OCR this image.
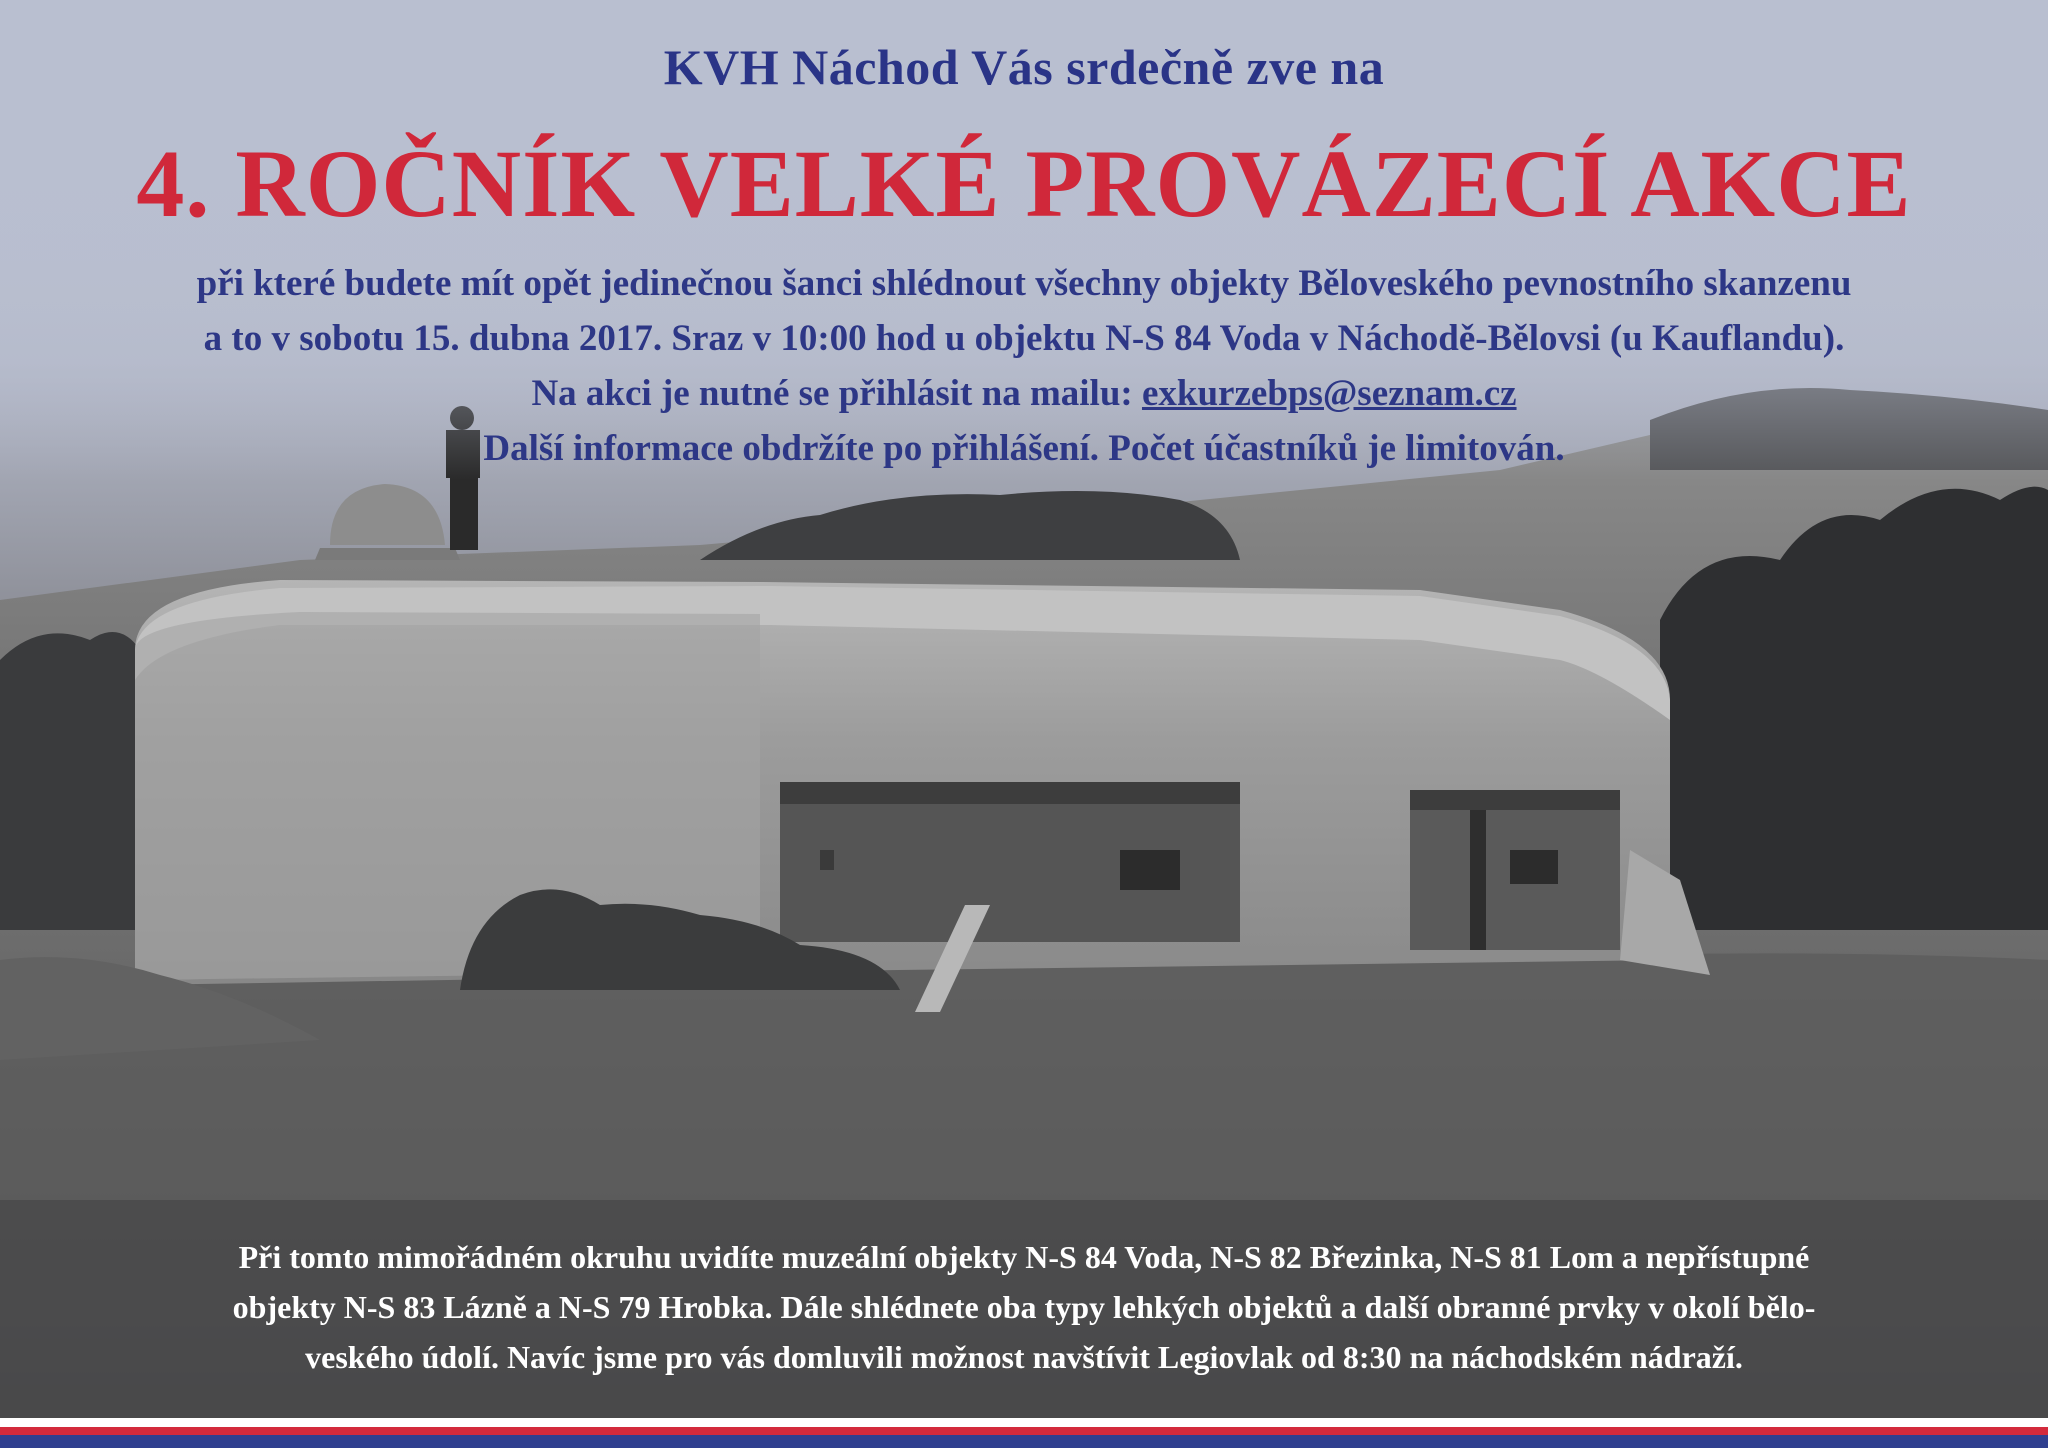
KVH Náchod Vás srdečně zve na
4. ROČNÍK VELKÉ PROVÁZECÍ AKCE
při které budete mít opět jedinečnou šanci shlédnout všechny objekty Běloveského pevnostního skanzenu
a to v sobotu 15. dubna 2017. Sraz v 10:00 hod u objektu N-S 84 Voda v Náchodě-Bělovsi (u Kauflandu).
Na akci je nutné se přihlásit na mailu: exkurzebps@seznam.cz
Další informace obdržíte po přihlášení. Počet účastníků je limitován.
Při tomto mimořádném okruhu uvidíte muzeální objekty N-S 84 Voda, N-S 82 Březinka, N-S 81 Lom a nepřístupné
objekty N-S 83 Lázně a N-S 79 Hrobka. Dále shlédnete oba typy lehkých objektů a další obranné prvky v okolí bělo-
veského údolí. Navíc jsme pro vás domluvili možnost navštívit Legiovlak od 8:30 na náchodském nádraží.
